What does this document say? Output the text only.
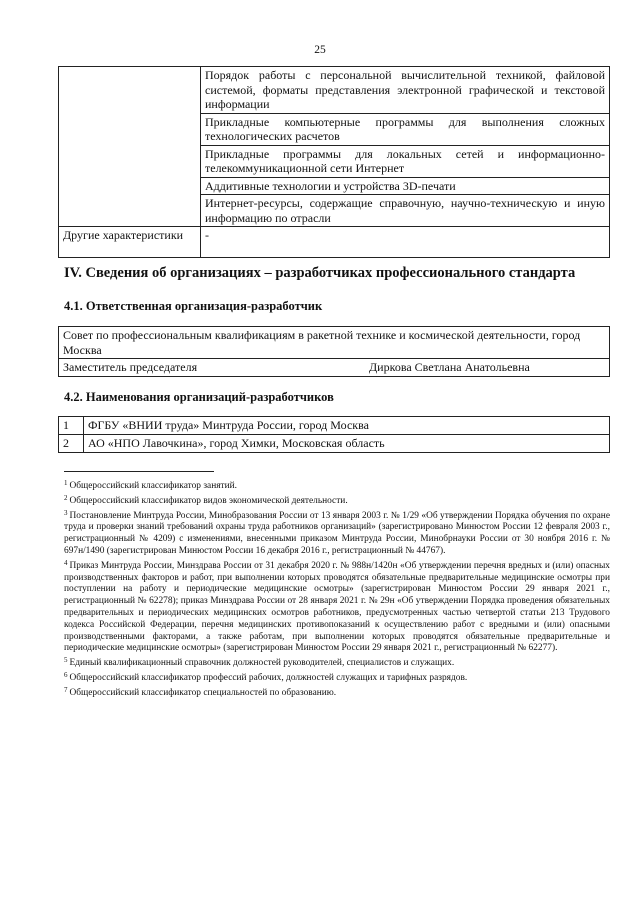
25
	Порядок работы с персональной вычислительной техникой, файловой системой, форматы представления электронной графической и текстовой информации
	Прикладные компьютерные программы для выполнения сложных технологических расчетов
	Прикладные программы для локальных сетей и информационно-телекоммуникационной сети Интернет
	Аддитивные технологии и устройства 3D-печати
	Интернет-ресурсы, содержащие справочную, научно-техническую и иную информацию по отрасли
Другие характеристики	-
IV. Сведения об организациях – разработчиках профессионального стандарта
4.1. Ответственная организация-разработчик
Совет по профессиональным квалификациям в ракетной технике и космической деятельности, город Москва
Заместитель председателя	Диркова Светлана Анатольевна
4.2. Наименования организаций-разработчиков
1	ФГБУ «ВНИИ труда» Минтруда России, город Москва
2	АО «НПО Лавочкина», город Химки, Московская область

$^1$ Общероссийский классификатор занятий.

$^2$ Общероссийский классификатор видов экономической деятельности.

$^3$ Постановление Минтруда России, Минобразования России от 13 января 2003 г. № 1/29 «Об утверждении Порядка обучения по охране труда и проверки знаний требований охраны труда работников организаций» (зарегистрировано Минюстом России 12 февраля 2003 г., регистрационный № 4209) с изменениями, внесенными приказом Минтруда России, Минобрнауки России от 30 ноября 2016 г. № 697н/1490 (зарегистрирован Минюстом России 16 декабря 2016 г., регистрационный № 44767).

$^4$ Приказ Минтруда России, Минздрава России от 31 декабря 2020 г. № 988н/1420н «Об утверждении перечня вредных и (или) опасных производственных факторов и работ, при выполнении которых проводятся обязательные предварительные медицинские осмотры при поступлении на работу и периодические медицинские осмотры» (зарегистрирован Минюстом России 29 января 2021 г., регистрационный № 62278); приказ Минздрава России от 28 января 2021 г. № 29н «Об утверждении Порядка проведения обязательных предварительных и периодических медицинских осмотров работников, предусмотренных частью четвертой статьи 213 Трудового кодекса Российской Федерации, перечня медицинских противопоказаний к осуществлению работ с вредными и (или) опасными производственными факторами, а также работам, при выполнении которых проводятся обязательные предварительные и периодические медицинские осмотры» (зарегистрирован Минюстом России 29 января 2021 г., регистрационный № 62277).

$^5$ Единый квалификационный справочник должностей руководителей, специалистов и служащих.

$^6$ Общероссийский классификатор профессий рабочих, должностей служащих и тарифных разрядов.

$^7$ Общероссийский классификатор специальностей по образованию.
